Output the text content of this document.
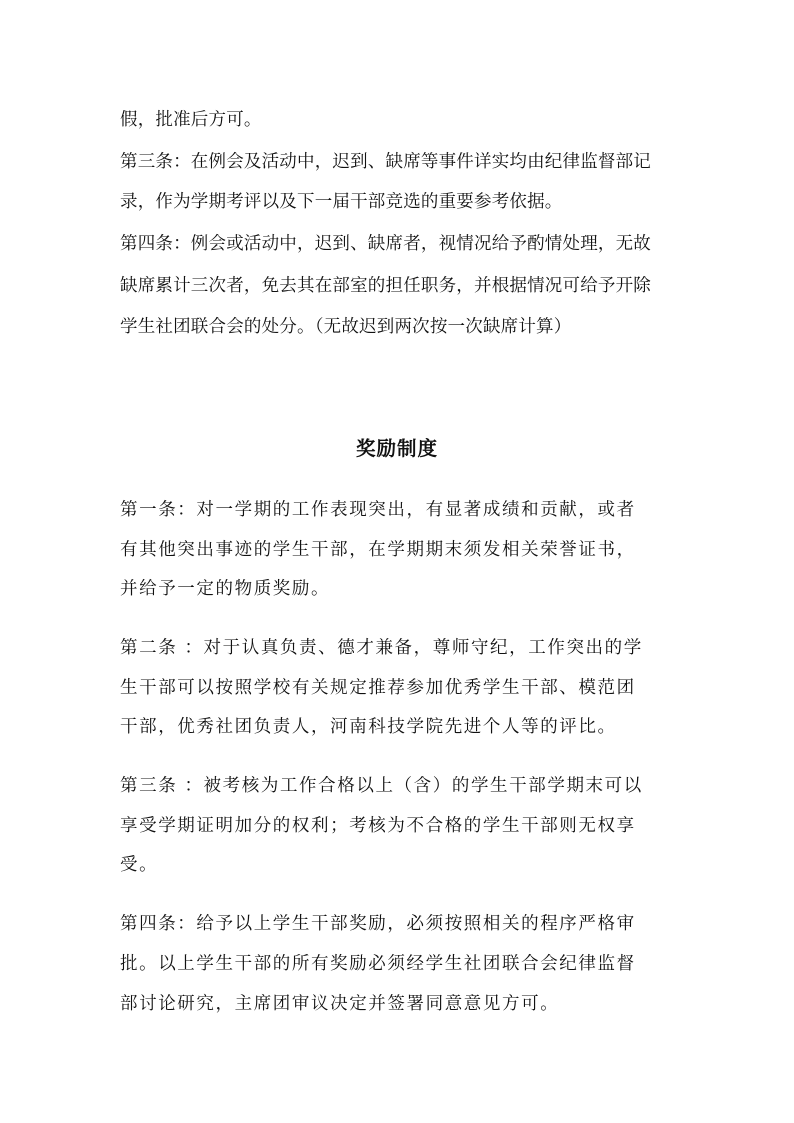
假，批准后方可。
第三条：在例会及活动中，迟到、缺席等事件详实均由纪律监督部记
录，作为学期考评以及下一届干部竞选的重要参考依据。
第四条：例会或活动中，迟到、缺席者，视情况给予酌情处理，无故
缺席累计三次者，免去其在部室的担任职务，并根据情况可给予开除
学生社团联合会的处分。（无故迟到两次按一次缺席计算）
奖励制度
第一条：对一学期的工作表现突出，有显著成绩和贡献，或者
有其他突出事迹的学生干部，在学期期末须发相关荣誉证书，
并给予一定的物质奖励。
第二条 ：对于认真负责、德才兼备，尊师守纪，工作突出的学
生干部可以按照学校有关规定推荐参加优秀学生干部、模范团
干部，优秀社团负责人，河南科技学院先进个人等的评比。
第三条 ：被考核为工作合格以上（含）的学生干部学期末可以
享受学期证明加分的权利；考核为不合格的学生干部则无权享
受。
第四条：给予以上学生干部奖励，必须按照相关的程序严格审
批。以上学生干部的所有奖励必须经学生社团联合会纪律监督
部讨论研究，主席团审议决定并签署同意意见方可。
